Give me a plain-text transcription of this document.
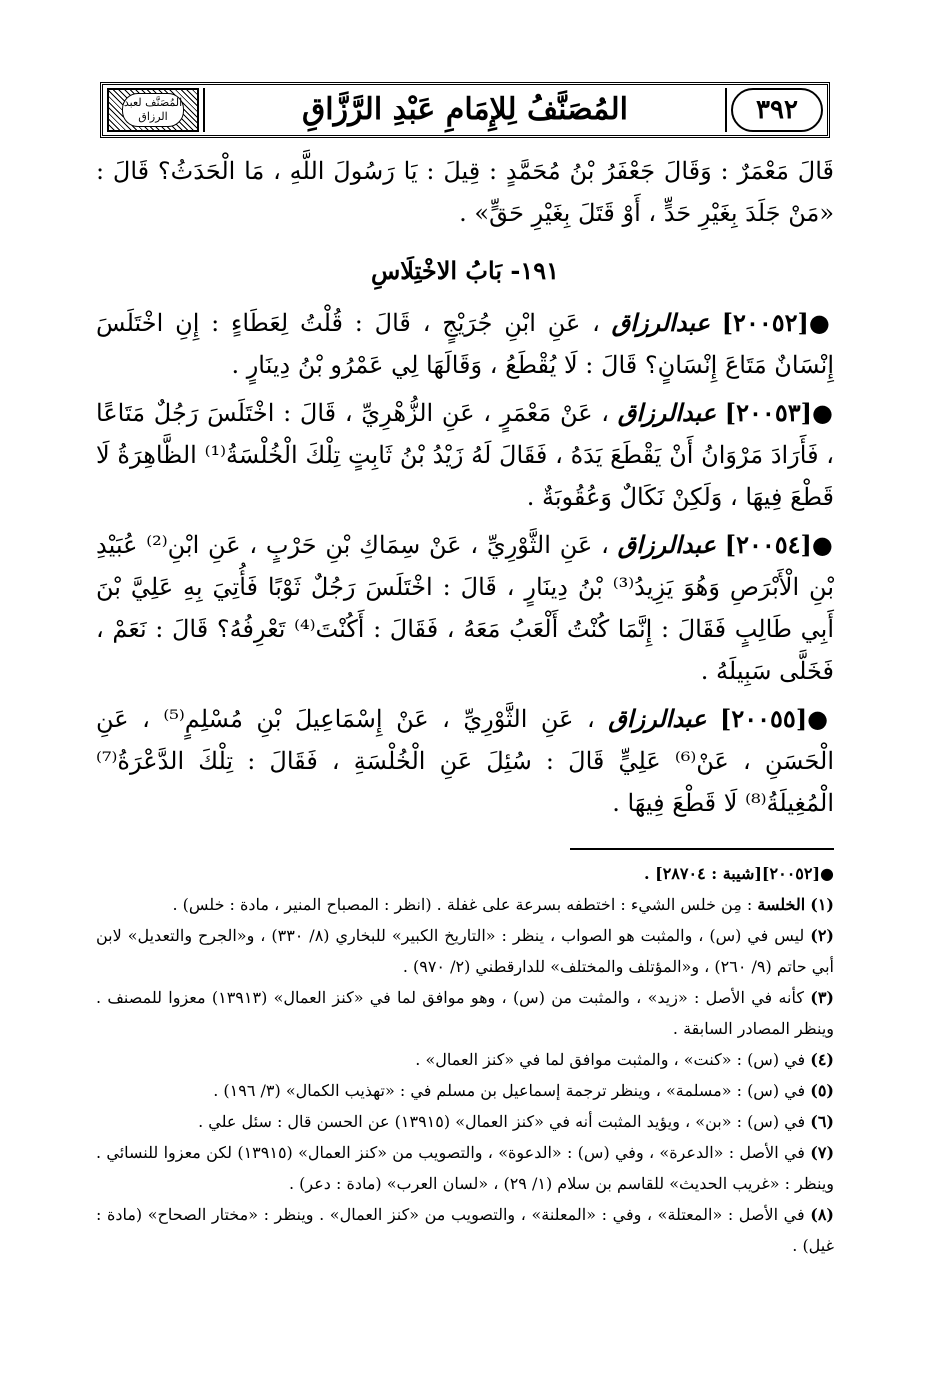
المُصَنَّف لعبد الرزاق	المُصَنَّفُ لِلإِمَامِ عَبْدِ الرَّزَّاقِ	٣٩٢

قَالَ مَعْمَرٌ : وَقَالَ جَعْفَرُ بْنُ مُحَمَّدٍ : قِيلَ : يَا رَسُولَ اللَّهِ ، مَا الْحَدَثُ؟ قَالَ : «مَنْ جَلَدَ بِغَيْرِ حَدٍّ ، أَوْ قَتَلَ بِغَيْرِ حَقٍّ» .

١٩١- بَابُ الاخْتِلَاسِ

●[٢٠٠٥٢] عبدالرزاق ، عَنِ ابْنِ جُرَيْجٍ ، قَالَ : قُلْتُ لِعَطَاءٍ : إِنِ اخْتَلَسَ إِنْسَانٌ مَتَاعَ إِنْسَانٍ؟ قَالَ : لَا يُقْطَعُ ، وَقَالَهَا لِي عَمْرُو بْنُ دِينَارٍ .

●[٢٠٠٥٣] عبدالرزاق ، عَنْ مَعْمَرٍ ، عَنِ الزُّهْرِيِّ ، قَالَ : اخْتَلَسَ رَجُلٌ مَتَاعًا ، فَأَرَادَ مَرْوَانُ أَنْ يَقْطَعَ يَدَهُ ، فَقَالَ لَهُ زَيْدُ بْنُ ثَابِتٍ تِلْكَ الْخُلْسَةُ⁽¹⁾ الظَّاهِرَةُ لَا قَطْعَ فِيهَا ، وَلَكِنْ نَكَالٌ وَعُقُوبَةٌ .

●[٢٠٠٥٤] عبدالرزاق ، عَنِ الثَّوْرِيِّ ، عَنْ سِمَاكِ بْنِ حَرْبٍ ، عَنِ ابْنِ⁽²⁾ عُبَيْدِ بْنِ الْأَبْرَصِ وَهُوَ يَزِيدُ⁽³⁾ بْنُ دِينَارٍ ، قَالَ : اخْتَلَسَ رَجُلٌ ثَوْبًا فَأُتِيَ بِهِ عَلِيَّ بْنَ أَبِي طَالِبٍ فَقَالَ : إِنَّمَا كُنْتُ أَلْعَبُ مَعَهُ ، فَقَالَ : أَكُنْتَ⁽⁴⁾ تَعْرِفُهُ؟ قَالَ : نَعَمْ ، فَخَلَّى سَبِيلَهُ .

●[٢٠٠٥٥] عبدالرزاق ، عَنِ الثَّوْرِيِّ ، عَنْ إِسْمَاعِيلَ بْنِ مُسْلِمٍ⁽⁵⁾ ، عَنِ الْحَسَنِ ، عَنْ⁽⁶⁾ عَلِيٍّ قَالَ : سُئِلَ عَنِ الْخُلْسَةِ ، فَقَالَ : تِلْكَ الدَّعْرَةُ⁽⁷⁾ الْمُغِيلَةُ⁽⁸⁾ لَا قَطْعَ فِيهَا .

●[٢٠٠٥٢][شيبة : ٢٨٧٠٤] .

(١) الخلسة : مِن خلس الشيء : اختطفه بسرعة على غفلة . (انظر : المصباح المنير ، مادة : خلس) .

(٢) ليس في (س) ، والمثبت هو الصواب ، ينظر : «التاريخ الكبير» للبخاري (٨/ ٣٣٠) ، و«الجرح والتعديل» لابن أبي حاتم (٩/ ٢٦٠) ، و«المؤتلف والمختلف» للدارقطني (٢/ ٩٧٠) .

(٣) كأنه في الأصل : «زيد» ، والمثبت من (س) ، وهو موافق لما في «كنز العمال» (١٣٩١٣) معزوا للمصنف . وينظر المصادر السابقة .

(٤) في (س) : «كنت» ، والمثبت موافق لما في «كنز العمال» .

(٥) في (س) : «مسلمة» ، وينظر ترجمة إسماعيل بن مسلم في : «تهذيب الكمال» (٣/ ١٩٦) .

(٦) في (س) : «بن» ، ويؤيد المثبت أنه في «كنز العمال» (١٣٩١٥) عن الحسن قال : سئل علي .

(٧) في الأصل : «الدعرة» ، وفي (س) : «الدعوة» ، والتصويب من «كنز العمال» (١٣٩١٥) لكن معزوا للنسائي . وينظر : «غريب الحديث» للقاسم بن سلام (١/ ٢٩) ، «لسان العرب» (مادة : دعر) .

(٨) في الأصل : «المعتلة» ، وفي : «المعلنة» ، والتصويب من «كنز العمال» . وينظر : «مختار الصحاح» (مادة : غيل) .
